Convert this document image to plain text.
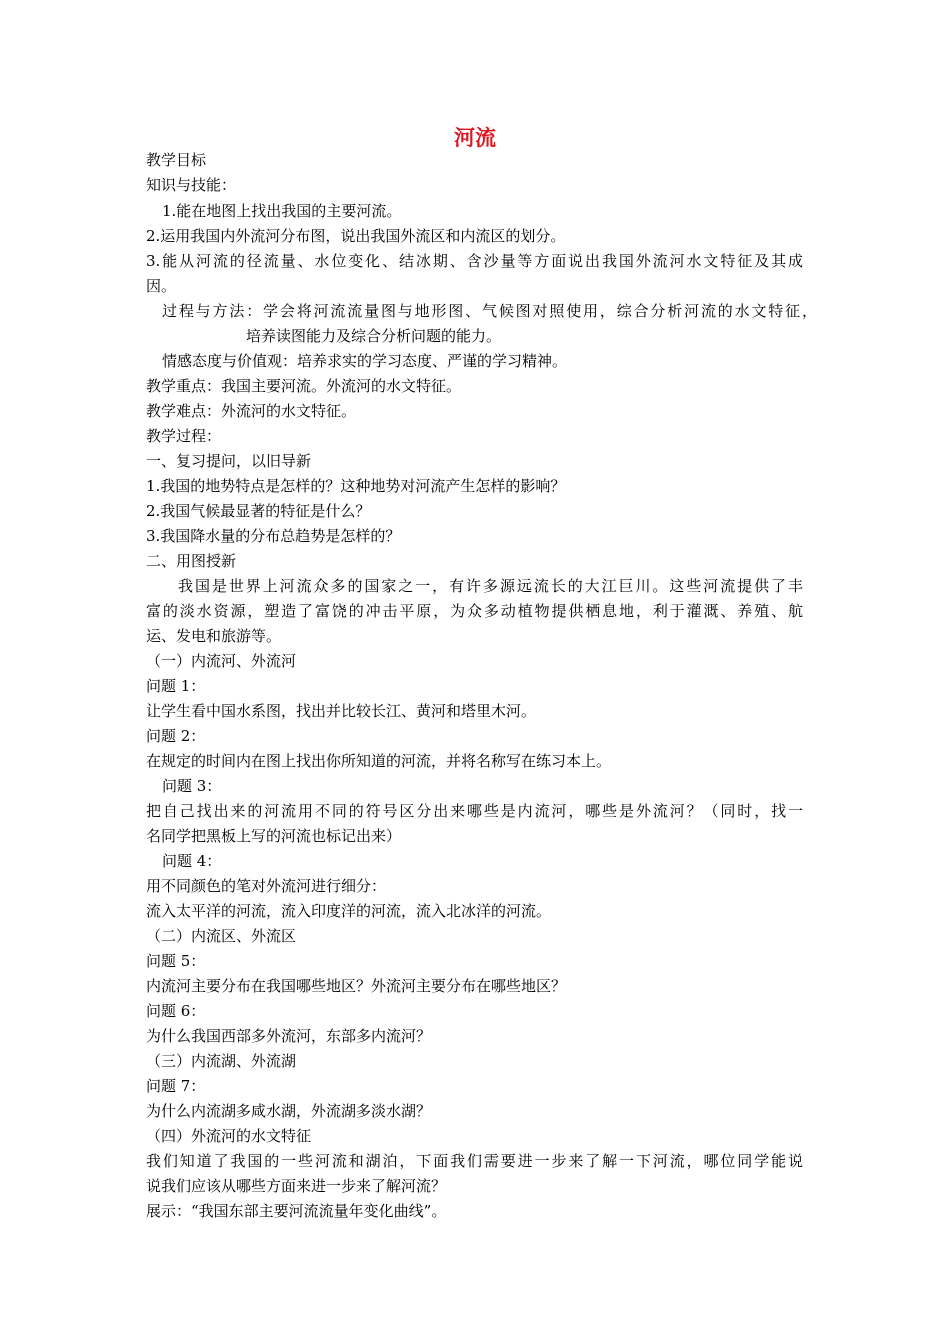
河流
教学目标
知识与技能：
1.能在地图上找出我国的主要河流。
2.运用我国内外流河分布图，说出我国外流区和内流区的划分。
3.能从河流的径流量、水位变化、结冰期、含沙量等方面说出我国外流河水文特征及其成
因。
过程与方法：学会将河流流量图与地形图、气候图对照使用，综合分析河流的水文特征，
培养读图能力及综合分析问题的能力。
情感态度与价值观：培养求实的学习态度、严谨的学习精神。
教学重点：我国主要河流。外流河的水文特征。
教学难点：外流河的水文特征。
教学过程：
一、复习提问，以旧导新
1.我国的地势特点是怎样的？这种地势对河流产生怎样的影响？
2.我国气候最显著的特征是什么？
3.我国降水量的分布总趋势是怎样的？
二、用图授新
我国是世界上河流众多的国家之一，有许多源远流长的大江巨川。这些河流提供了丰
富的淡水资源，塑造了富饶的冲击平原，为众多动植物提供栖息地，利于灌溉、养殖、航
运、发电和旅游等。
（一）内流河、外流河
问题 1：
让学生看中国水系图，找出并比较长江、黄河和塔里木河。
问题 2：
在规定的时间内在图上找出你所知道的河流，并将名称写在练习本上。
问题 3：
把自己找出来的河流用不同的符号区分出来哪些是内流河，哪些是外流河？（同时，找一
名同学把黑板上写的河流也标记出来）
问题 4：
用不同颜色的笔对外流河进行细分：
流入太平洋的河流，流入印度洋的河流，流入北冰洋的河流。
（二）内流区、外流区
问题 5：
内流河主要分布在我国哪些地区？外流河主要分布在哪些地区？
问题 6：
为什么我国西部多外流河，东部多内流河？
（三）内流湖、外流湖
问题 7：
为什么内流湖多咸水湖，外流湖多淡水湖？
（四）外流河的水文特征
我们知道了我国的一些河流和湖泊，下面我们需要进一步来了解一下河流，哪位同学能说
说我们应该从哪些方面来进一步来了解河流？
展示：“我国东部主要河流流量年变化曲线”。
